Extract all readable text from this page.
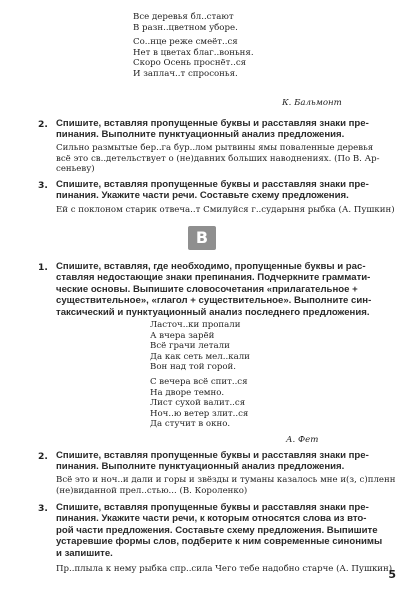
Все деревья бл..стают
В разн..цветном уборе.
Со..нце реже смеёт..ся
Нет в цветах благ..воньня.
Скоро Осень проснёт..ся
И заплач..т спросонья.
К. Бальмонт
2. Спишите, вставляя пропущенные буквы и расставляя знаки пре-
пинания. Выполните пунктуационный анализ предложения.
Сильно размытые бер..га бур..лом рытвины ямы поваленные деревья
всё это св..детельствует о (не)давних больших наводнениях. (По В. Ар-
сеньеву)
3. Спишите, вставляя пропущенные буквы и расставляя знаки пре-
пинания. Укажите части речи. Составьте схему предложения.
Ей с поклоном старик отвеча..т Смилуйся г..сударыня рыбка (А. Пушкин)
В
1. Спишите, вставляя, где необходимо, пропущенные буквы и рас-
ставляя недостающие знаки препинания. Подчеркните граммати-
ческие основы. Выпишите словосочетания «прилагательное +
существительное», «глагол + существительное». Выполните син-
таксический и пунктуационный анализ последнего предложения.
Ласточ..ки пропали
А вчера зарёй
Всё грачи летали
Да как сеть мел..кали
Вон над той горой.
С вечера всё спит..ся
На дворе темно.
Лист сухой валит..ся
Ноч..ю ветер злит..ся
Да стучит в окно.
А. Фет
2. Спишите, вставляя пропущенные буквы и расставляя знаки пре-
пинания. Выполните пунктуационный анализ предложения.
Всё это и ноч..и дали и горы и звёзды и туманы казалось мне и(з, с)пленн
(не)виданной прел..стью... (В. Короленко)
3. Спишите, вставляя пропущенные буквы и расставляя знаки пре-
пинания. Укажите части речи, к которым относятся слова из вто-
рой части предложения. Составьте схему предложения. Выпишите
устаревшие формы слов, подберите к ним современные синонимы
и запишите.
Пр..плыла к нему рыбка спр..сила Чего тебе надобно старче (А. Пушкин)
5
